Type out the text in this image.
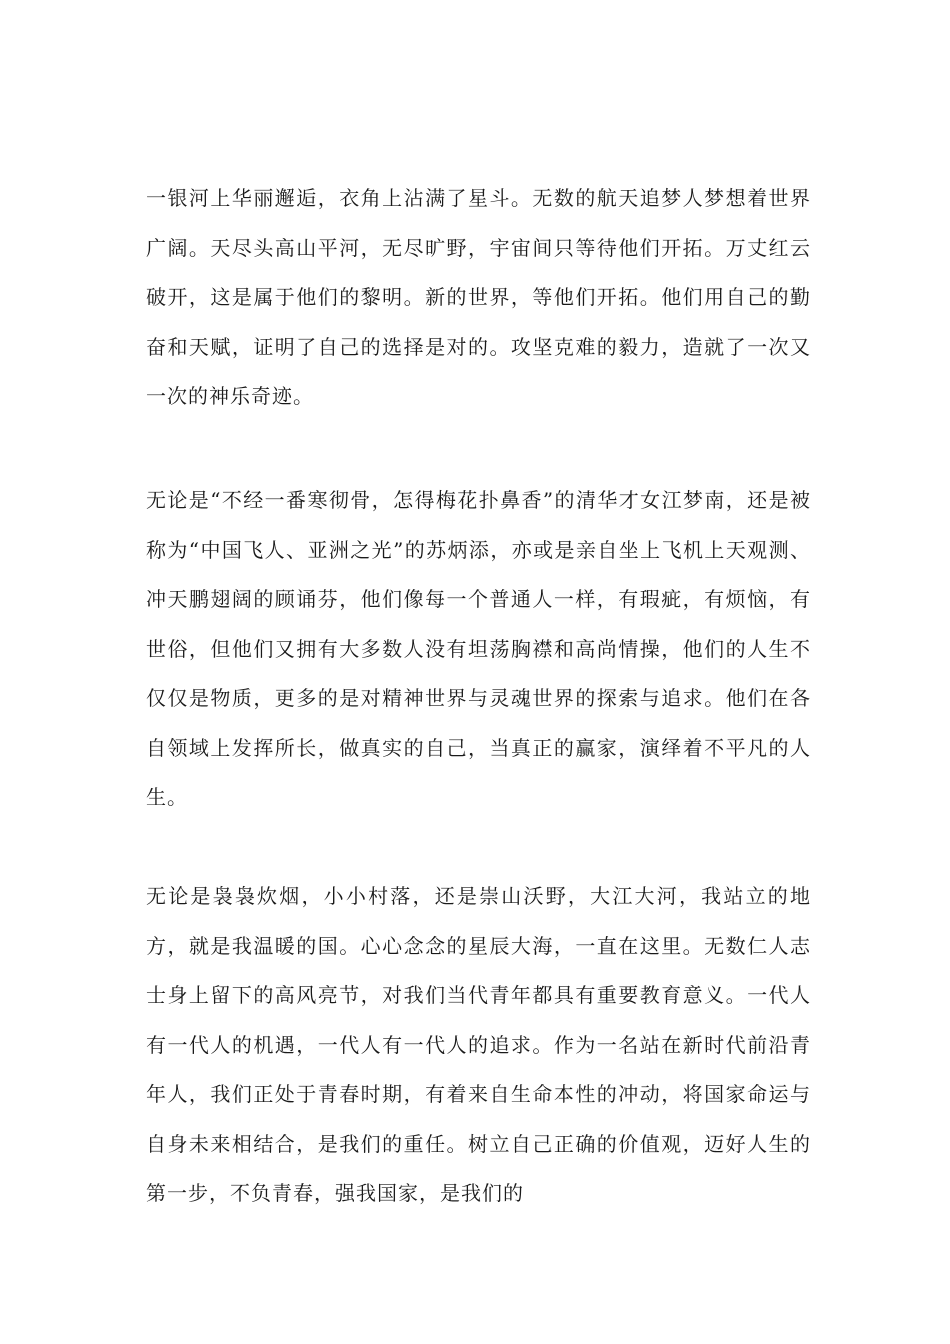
一银河上华丽邂逅，衣角上沾满了星斗。无数的航天追梦人梦想着世界广阔。天尽头高山平河，无尽旷野，宇宙间只等待他们开拓。万丈红云破开，这是属于他们的黎明。新的世界，等他们开拓。他们用自己的勤奋和天赋，证明了自己的选择是对的。攻坚克难的毅力，造就了一次又一次的神乐奇迹。

无论是“不经一番寒彻骨，怎得梅花扑鼻香”的清华才女江梦南，还是被称为“中国飞人、亚洲之光”的苏炳添，亦或是亲自坐上飞机上天观测、冲天鹏翅阔的顾诵芬，他们像每一个普通人一样，有瑕疵，有烦恼，有世俗，但他们又拥有大多数人没有坦荡胸襟和高尚情操，他们的人生不仅仅是物质，更多的是对精神世界与灵魂世界的探索与追求。他们在各自领域上发挥所长，做真实的自己，当真正的赢家，演绎着不平凡的人生。

无论是袅袅炊烟，小小村落，还是崇山沃野，大江大河，我站立的地方，就是我温暖的国。心心念念的星辰大海，一直在这里。无数仁人志士身上留下的高风亮节，对我们当代青年都具有重要教育意义。一代人有一代人的机遇，一代人有一代人的追求。作为一名站在新时代前沿青年人，我们正处于青春时期，有着来自生命本性的冲动，将国家命运与自身未来相结合，是我们的重任。树立自己正确的价值观，迈好人生的第一步，不负青春，强我国家，是我们的
